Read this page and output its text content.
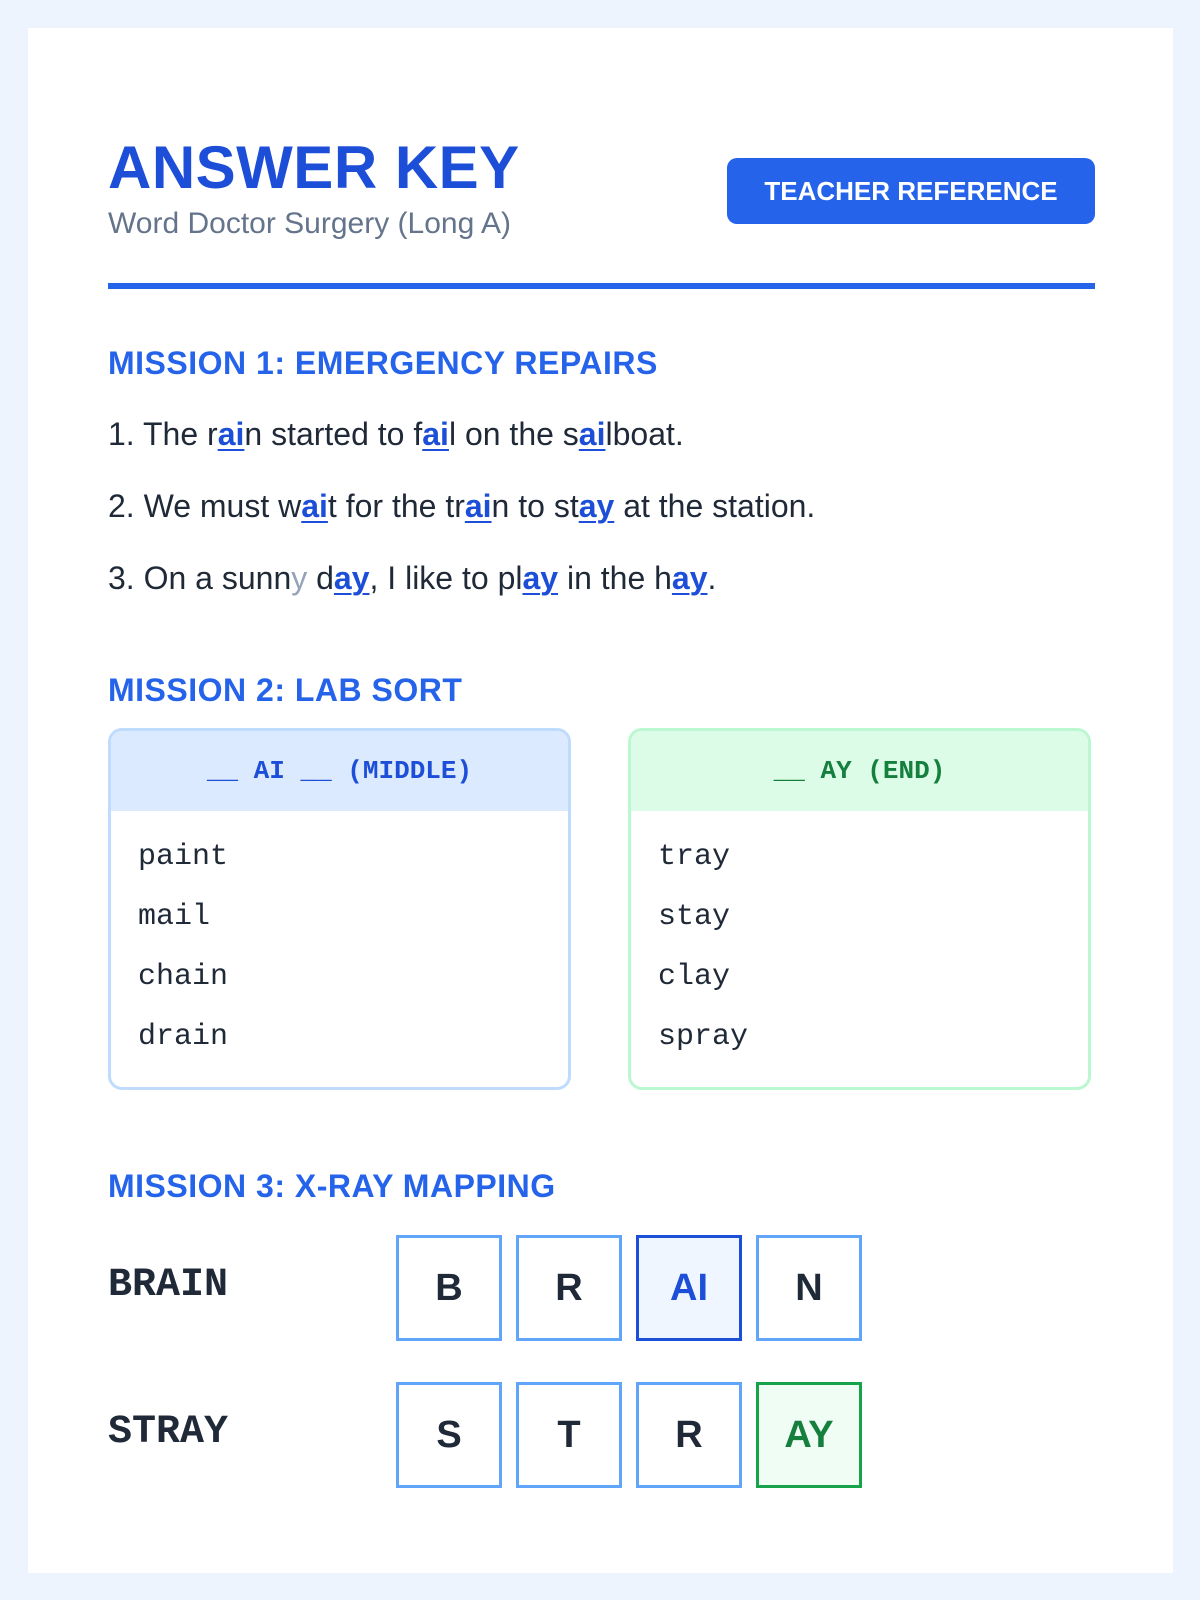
ANSWER KEY
Word Doctor Surgery (Long A)
TEACHER REFERENCE
MISSION 1: EMERGENCY REPAIRS
1. The rain started to fail on the sailboat.
2. We must wait for the train to stay at the station.
3. On a sunny day, I like to play in the hay.
MISSION 2: LAB SORT
__ AI __ (MIDDLE)
paint
mail
chain
drain
__ AY (END)
tray
stay
clay
spray
MISSION 3: X-RAY MAPPING
BRAIN	B	R	AI	N
STRAY	S	T	R	AY
